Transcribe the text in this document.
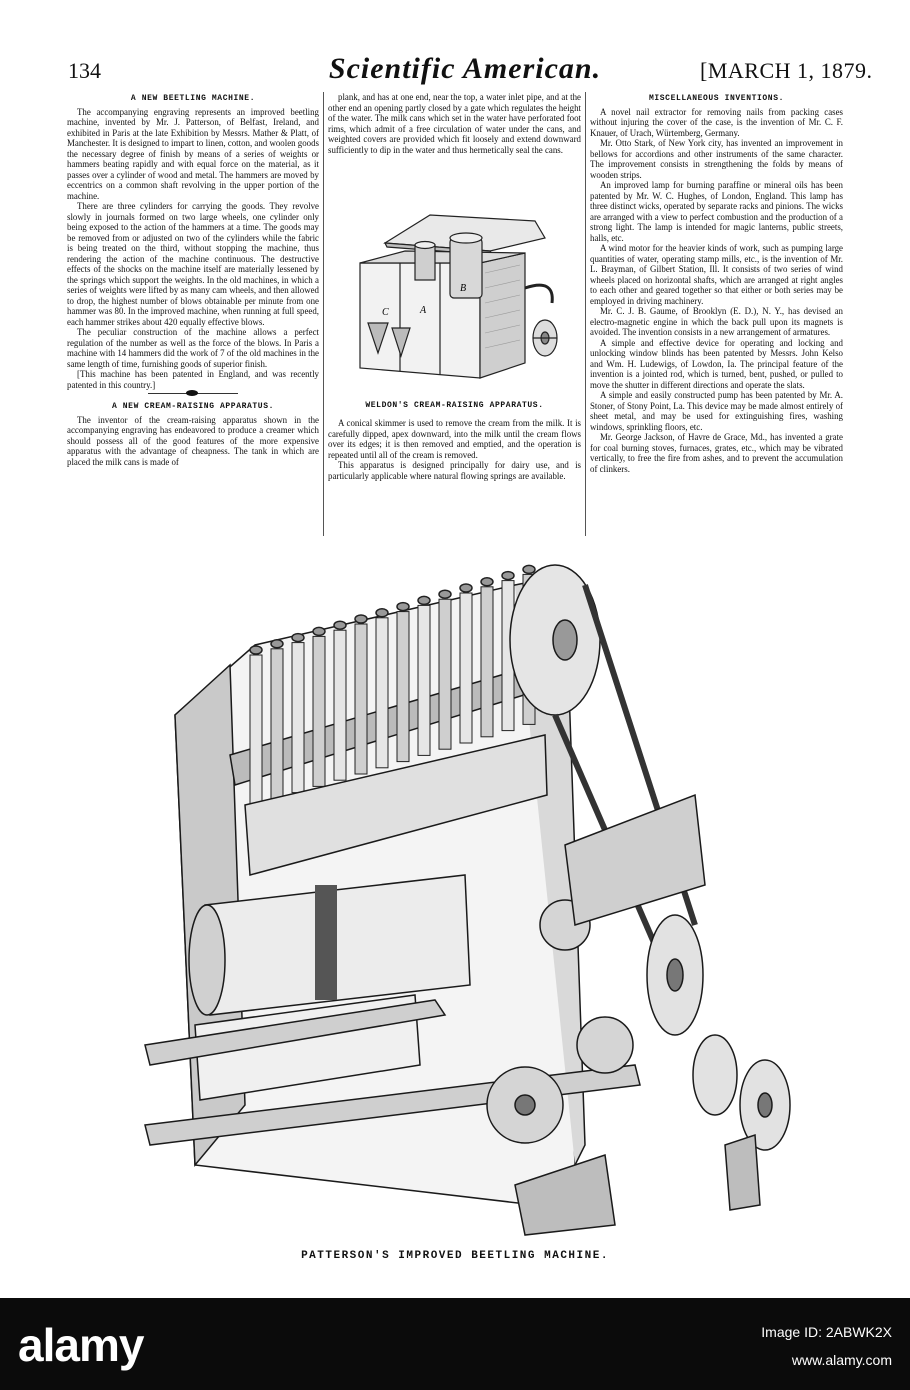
134	Scientific American.	[MARCH 1, 1879.
A NEW BEETLING MACHINE.

The accompanying engraving represents an improved beetling machine, invented by Mr. J. Patterson, of Belfast, Ireland, and exhibited in Paris at the late Exhibition by Messrs. Mather & Platt, of Manchester. It is designed to impart to linen, cotton, and woolen goods the necessary degree of finish by means of a series of weights or hammers beating rapidly and with equal force on the material, as it passes over a cylinder of wood and metal. The hammers are moved by eccentrics on a common shaft revolving in the upper portion of the machine.

There are three cylinders for carrying the goods. They revolve slowly in journals formed on two large wheels, one cylinder only being exposed to the action of the hammers at a time. The goods may be removed from or adjusted on two of the cylinders while the fabric is being treated on the third, without stopping the machine, thus rendering the action of the machine continuous. The destructive effects of the shocks on the machine itself are materially lessened by the springs which support the weights. In the old machines, in which a series of weights were lifted by as many cam wheels, and then allowed to drop, the highest number of blows obtainable per minute from one hammer was 80. In the improved machine, when running at full speed, each hammer strikes about 420 equally effective blows.

The peculiar construction of the machine allows a perfect regulation of the number as well as the force of the blows. In Paris a machine with 14 hammers did the work of 7 of the old machines in the same length of time, furnishing goods of superior finish.

[This machine has been patented in England, and was recently patented in this country.]

A NEW CREAM-RAISING APPARATUS.

The inventor of the cream-raising apparatus shown in the accompanying engraving has endeavored to produce a creamer which should possess all of the good features of the more expensive apparatus with the advantage of cheapness. The tank in which are placed the milk cans is made of

plank, and has at one end, near the top, a water inlet pipe, and at the other end an opening partly closed by a gate which regulates the height of the water. The milk cans which set in the water have perforated foot rims, which admit of a free circulation of water under the cans, and weighted covers are provided which fit loosely and extend downward sufficiently to dip in the water and thus hermetically seal the cans.

A
B
C
WELDON'S CREAM-RAISING APPARATUS.

A conical skimmer is used to remove the cream from the milk. It is carefully dipped, apex downward, into the milk until the cream flows over its edges; it is then removed and emptied, and the operation is repeated until all of the cream is removed.

This apparatus is designed principally for dairy use, and is particularly applicable where natural flowing springs are available.

MISCELLANEOUS INVENTIONS.

A novel nail extractor for removing nails from packing cases without injuring the cover of the case, is the invention of Mr. C. F. Knauer, of Urach, Würtemberg, Germany.

Mr. Otto Stark, of New York city, has invented an improvement in bellows for accordions and other instruments of the same character. The improvement consists in strengthening the folds by means of wooden strips.

An improved lamp for burning paraffine or mineral oils has been patented by Mr. W. C. Hughes, of London, England. This lamp has three distinct wicks, operated by separate racks and pinions. The wicks are arranged with a view to perfect combustion and the production of a strong light. The lamp is intended for magic lanterns, public streets, halls, etc.

A wind motor for the heavier kinds of work, such as pumping large quantities of water, operating stamp mills, etc., is the invention of Mr. L. Brayman, of Gilbert Station, Ill. It consists of two series of wind wheels placed on horizontal shafts, which are arranged at right angles to each other and geared together so that either or both series may be employed in driving machinery.

Mr. C. J. B. Gaume, of Brooklyn (E. D.), N. Y., has devised an electro-magnetic engine in which the back pull upon its magnets is avoided. The invention consists in a new arrangement of armatures.

A simple and effective device for operating and locking and unlocking window blinds has been patented by Messrs. John Kelso and Wm. H. Ludewigs, of Lowdon, Ia. The principal feature of the invention is a jointed rod, which is turned, bent, pushed, or pulled to move the shutter in different directions and operate the slats.

A simple and easily constructed pump has been patented by Mr. A. Stoner, of Stony Point, La. This device may be made almost entirely of sheet metal, and may be used for extinguishing fires, washing windows, sprinkling floors, etc.

Mr. George Jackson, of Havre de Grace, Md., has invented a grate for coal burning stoves, furnaces, grates, etc., which may be vibrated vertically, to free the fire from ashes, and to prevent the accumulation of clinkers.

PATTERSON'S IMPROVED BEETLING MACHINE.
alamy	Image ID: 2ABWK2X
www.alamy.com
